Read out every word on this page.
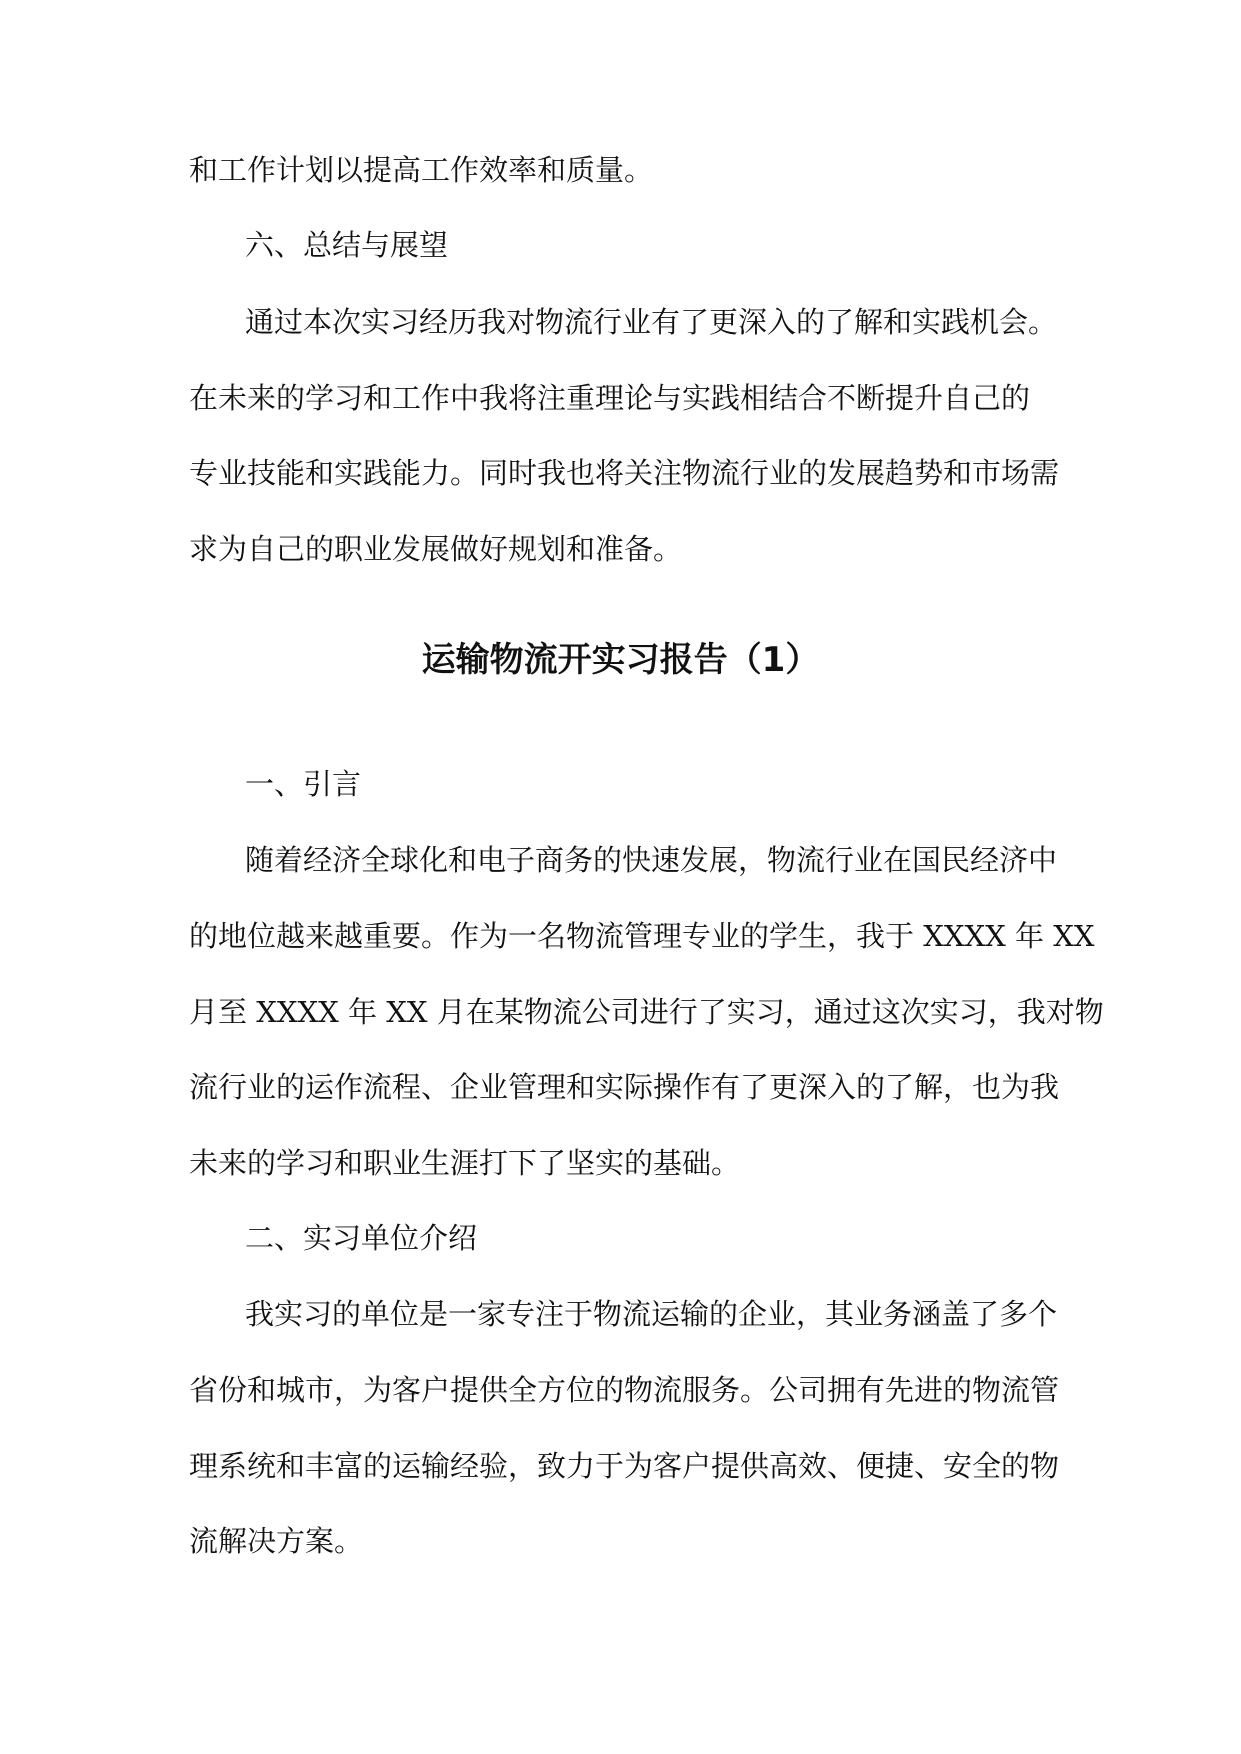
和工作计划以提高工作效率和质量。

六、总结与展望

通过本次实习经历我对物流行业有了更深入的了解和实践机会。

在未来的学习和工作中我将注重理论与实践相结合不断提升自己的

专业技能和实践能力。同时我也将关注物流行业的发展趋势和市场需

求为自己的职业发展做好规划和准备。

运输物流开实习报告（1）

一、引言

随着经济全球化和电子商务的快速发展，物流行业在国民经济中

的地位越来越重要。作为一名物流管理专业的学生，我于 XXXX 年 XX

月至 XXXX 年 XX 月在某物流公司进行了实习，通过这次实习，我对物

流行业的运作流程、企业管理和实际操作有了更深入的了解，也为我

未来的学习和职业生涯打下了坚实的基础。

二、实习单位介绍

我实习的单位是一家专注于物流运输的企业，其业务涵盖了多个

省份和城市，为客户提供全方位的物流服务。公司拥有先进的物流管

理系统和丰富的运输经验，致力于为客户提供高效、便捷、安全的物

流解决方案。
